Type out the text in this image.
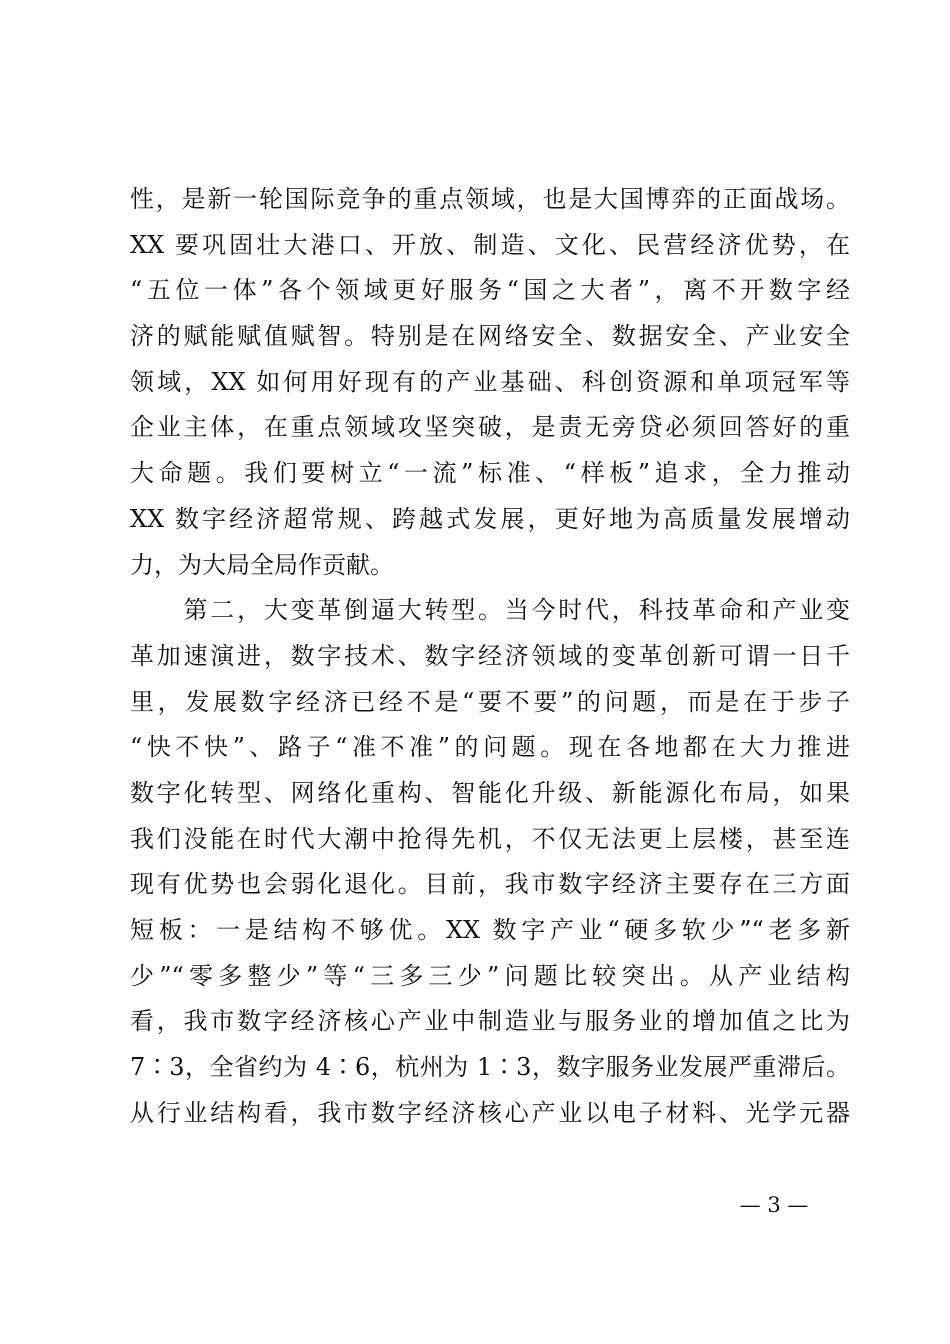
性，是新一轮国际竞争的重点领域，也是大国博弈的正面战场。
XX 要巩固壮大港口、开放、制造、文化、民营经济优势，在
“五位一体”各个领域更好服务“国之大者”，离不开数字经
济的赋能赋值赋智。特别是在网络安全、数据安全、产业安全
领域，XX 如何用好现有的产业基础、科创资源和单项冠军等
企业主体，在重点领域攻坚突破，是责无旁贷必须回答好的重
大命题。我们要树立“一流”标准、“样板”追求，全力推动
XX 数字经济超常规、跨越式发展，更好地为高质量发展增动
力，为大局全局作贡献。
　　第二，大变革倒逼大转型。当今时代，科技革命和产业变
革加速演进，数字技术、数字经济领域的变革创新可谓一日千
里，发展数字经济已经不是“要不要”的问题，而是在于步子
“快不快”、路子“准不准”的问题。现在各地都在大力推进
数字化转型、网络化重构、智能化升级、新能源化布局，如果
我们没能在时代大潮中抢得先机，不仅无法更上层楼，甚至连
现有优势也会弱化退化。目前，我市数字经济主要存在三方面
短板：一是结构不够优。XX 数字产业“硬多软少”“老多新
少”“零多整少”等“三多三少”问题比较突出。从产业结构
看，我市数字经济核心产业中制造业与服务业的增加值之比为
7∶3，全省约为 4∶6，杭州为 1∶3，数字服务业发展严重滞后。
从行业结构看，我市数字经济核心产业以电子材料、光学元器
— 3 —
